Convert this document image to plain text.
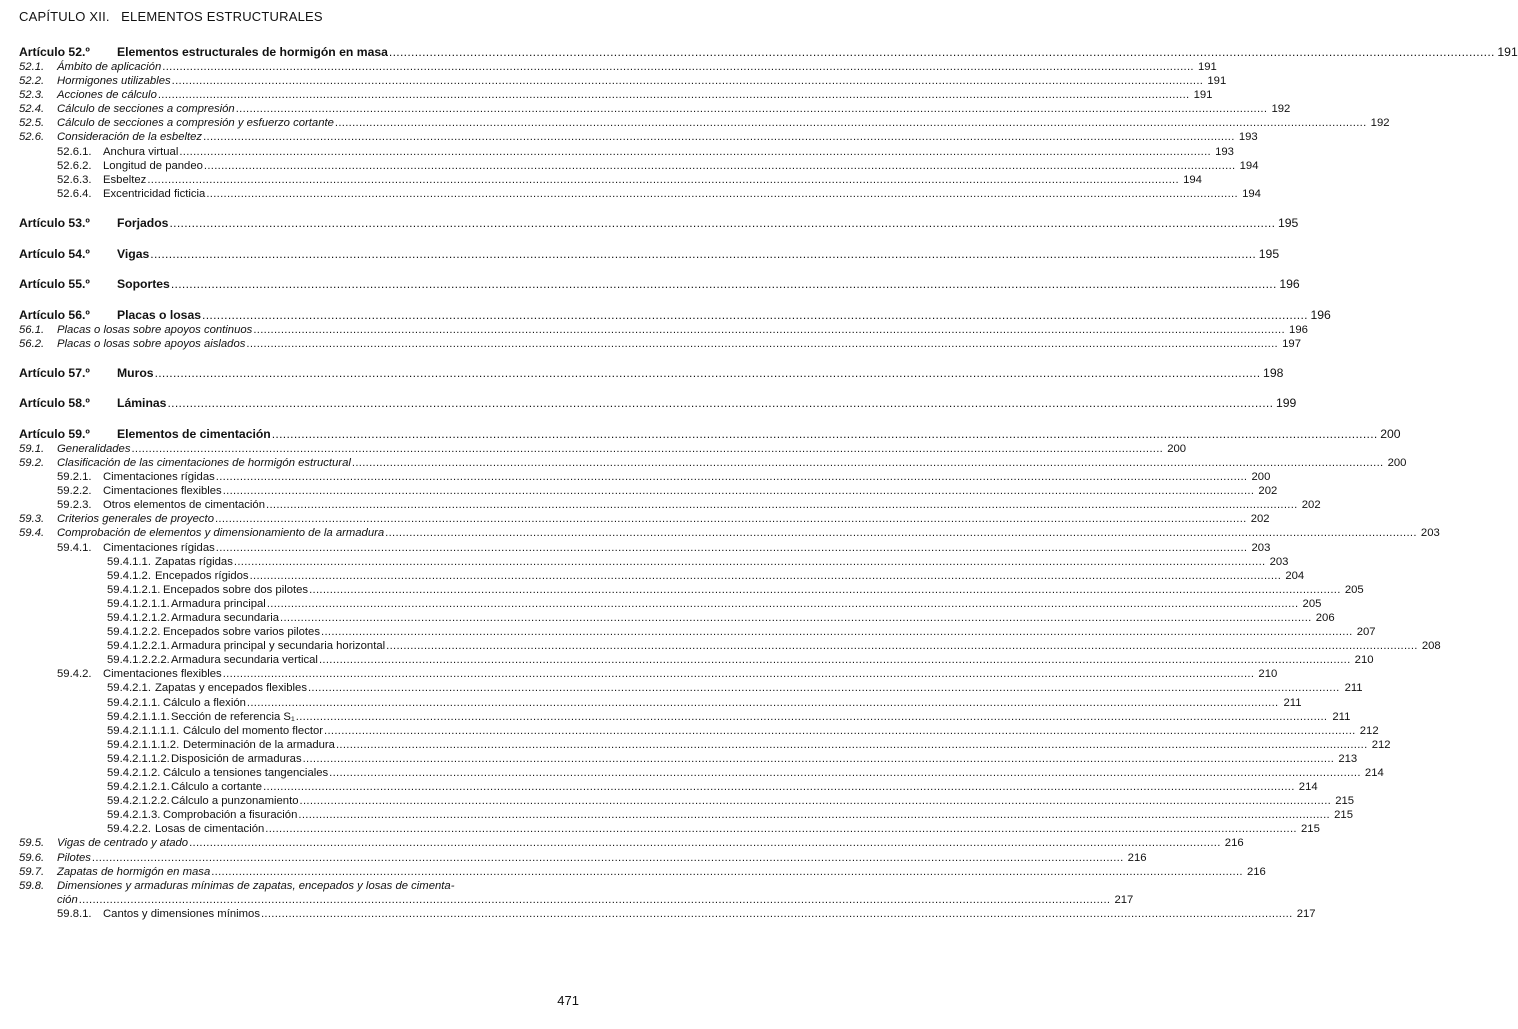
CAPÍTULO XII. ELEMENTOS ESTRUCTURALES
Artículo 52.º	Elementos estructurales de hormigón en masa .....	191
52.1.	Ámbito de aplicación .....	191
52.2.	Hormigones utilizables .....	191
52.3.	Acciones de cálculo .....	191
52.4.	Cálculo de secciones a compresión .....	192
52.5.	Cálculo de secciones a compresión y esfuerzo cortante .....	192
52.6.	Consideración de la esbeltez .....	193
52.6.1.	Anchura virtual .....	193
52.6.2.	Longitud de pandeo .....	194
52.6.3.	Esbeltez .....	194
52.6.4.	Excentricidad ficticia .....	194
Artículo 53.º	Forjados .....	195
Artículo 54.º	Vigas .....	195
Artículo 55.º	Soportes .....	196
Artículo 56.º	Placas o losas .....	196
56.1.	Placas o losas sobre apoyos continuos .....	196
56.2.	Placas o losas sobre apoyos aislados .....	197
Artículo 57.º	Muros .....	198
Artículo 58.º	Láminas .....	199
Artículo 59.º	Elementos de cimentación .....	200
59.1.	Generalidades .....	200
59.2.	Clasificación de las cimentaciones de hormigón estructural .....	200
59.2.1.	Cimentaciones rígidas .....	200
59.2.2.	Cimentaciones flexibles .....	202
59.2.3.	Otros elementos de cimentación .....	202
59.3.	Criterios generales de proyecto .....	202
59.4.	Comprobación de elementos y dimensionamiento de la armadura .....	203
59.4.1.	Cimentaciones rígidas .....	203
59.4.1.1. Zapatas rígidas .....	203
59.4.1.2. Encepados rígidos .....	204
59.4.1.2.1. Encepados sobre dos pilotes .....	205
59.4.1.2.1.1. Armadura principal .....	205
59.4.1.2.1.2. Armadura secundaria .....	206
59.4.1.2.2. Encepados sobre varios pilotes .....	207
59.4.1.2.2.1. Armadura principal y secundaria horizontal .....	208
59.4.1.2.2.2. Armadura secundaria vertical .....	210
59.4.2.	Cimentaciones flexibles .....	210
59.4.2.1. Zapatas y encepados flexibles .....	211
59.4.2.1.1. Cálculo a flexión .....	211
59.4.2.1.1.1. Sección de referencia S₁ .....	211
59.4.2.1.1.1.1. Cálculo del momento flector .....	212
59.4.2.1.1.1.2. Determinación de la armadura .....	212
59.4.2.1.1.2. Disposición de armaduras .....	213
59.4.2.1.2. Cálculo a tensiones tangenciales .....	214
59.4.2.1.2.1. Cálculo a cortante .....	214
59.4.2.1.2.2. Cálculo a punzonamiento .....	215
59.4.2.1.3. Comprobación a fisuración .....	215
59.4.2.2. Losas de cimentación .....	215
59.5.	Vigas de centrado y atado .....	216
59.6.	Pilotes .....	216
59.7.	Zapatas de hormigón en masa .....	216
59.8.	Dimensiones y armaduras mínimas de zapatas, encepados y losas de cimenta-
ción .....	217
59.8.1.	Cantos y dimensiones mínimos .....	217
471
